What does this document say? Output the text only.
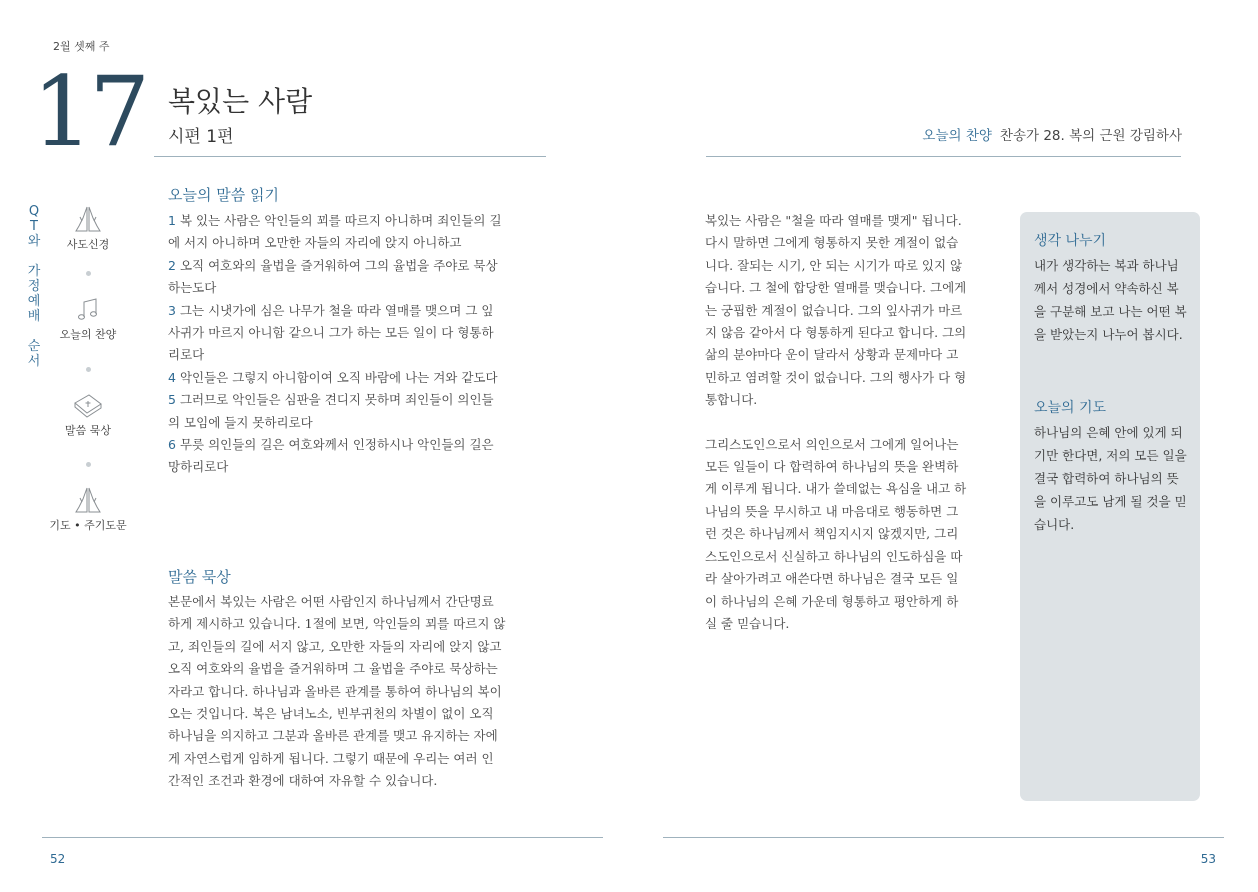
2월 셋째 주
17 복있는 사람
시편 1편	오늘의 찬양 찬송가 28. 복의 근원 강림하사
Q
T
와
가
정
예
배
순
서
사도신경
오늘의 찬양
말씀 묵상
기도 • 주기도문
오늘의 말씀 읽기
1 복 있는 사람은 악인들의 꾀를 따르지 아니하며 죄인들의 길
에 서지 아니하며 오만한 자들의 자리에 앉지 아니하고
2 오직 여호와의 율법을 즐거워하여 그의 율법을 주야로 묵상
하는도다
3 그는 시냇가에 심은 나무가 철을 따라 열매를 맺으며 그 잎
사귀가 마르지 아니함 같으니 그가 하는 모든 일이 다 형통하
리로다
4 악인들은 그렇지 아니함이여 오직 바람에 나는 겨와 같도다
5 그러므로 악인들은 심판을 견디지 못하며 죄인들이 의인들
의 모임에 들지 못하리로다
6 무릇 의인들의 길은 여호와께서 인정하시나 악인들의 길은
망하리로다
말씀 묵상
본문에서 복있는 사람은 어떤 사람인지 하나님께서 간단명료
하게 제시하고 있습니다. 1절에 보면, 악인들의 꾀를 따르지 않
고, 죄인들의 길에 서지 않고, 오만한 자들의 자리에 앉지 않고
오직 여호와의 율법을 즐거워하며 그 율법을 주야로 묵상하는
자라고 합니다. 하나님과 올바른 관계를 통하여 하나님의 복이
오는 것입니다. 복은 남녀노소, 빈부귀천의 차별이 없이 오직
하나님을 의지하고 그분과 올바른 관계를 맺고 유지하는 자에
게 자연스럽게 임하게 됩니다. 그렇기 때문에 우리는 여러 인
간적인 조건과 환경에 대하여 자유할 수 있습니다.
복있는 사람은 "철을 따라 열매를 맺게" 됩니다.
다시 말하면 그에게 형통하지 못한 계절이 없습
니다. 잘되는 시기, 안 되는 시기가 따로 있지 않
습니다. 그 철에 합당한 열매를 맺습니다. 그에게
는 궁핍한 계절이 없습니다. 그의 잎사귀가 마르
지 않음 같아서 다 형통하게 된다고 합니다. 그의
삶의 분야마다 운이 달라서 상황과 문제마다 고
민하고 염려할 것이 없습니다. 그의 행사가 다 형
통합니다.
그리스도인으로서 의인으로서 그에게 일어나는
모든 일들이 다 합력하여 하나님의 뜻을 완벽하
게 이루게 됩니다. 내가 쓸데없는 욕심을 내고 하
나님의 뜻을 무시하고 내 마음대로 행동하면 그
런 것은 하나님께서 책임지시지 않겠지만, 그리
스도인으로서 신실하고 하나님의 인도하심을 따
라 살아가려고 애쓴다면 하나님은 결국 모든 일
이 하나님의 은혜 가운데 형통하고 평안하게 하
실 줄 믿습니다.
생각 나누기
내가 생각하는 복과 하나님
께서 성경에서 약속하신 복
을 구분해 보고 나는 어떤 복
을 받았는지 나누어 봅시다.
오늘의 기도
하나님의 은혜 안에 있게 되
기만 한다면, 저의 모든 일을
결국 합력하여 하나님의 뜻
을 이루고도 남게 될 것을 믿
습니다.
52	53
